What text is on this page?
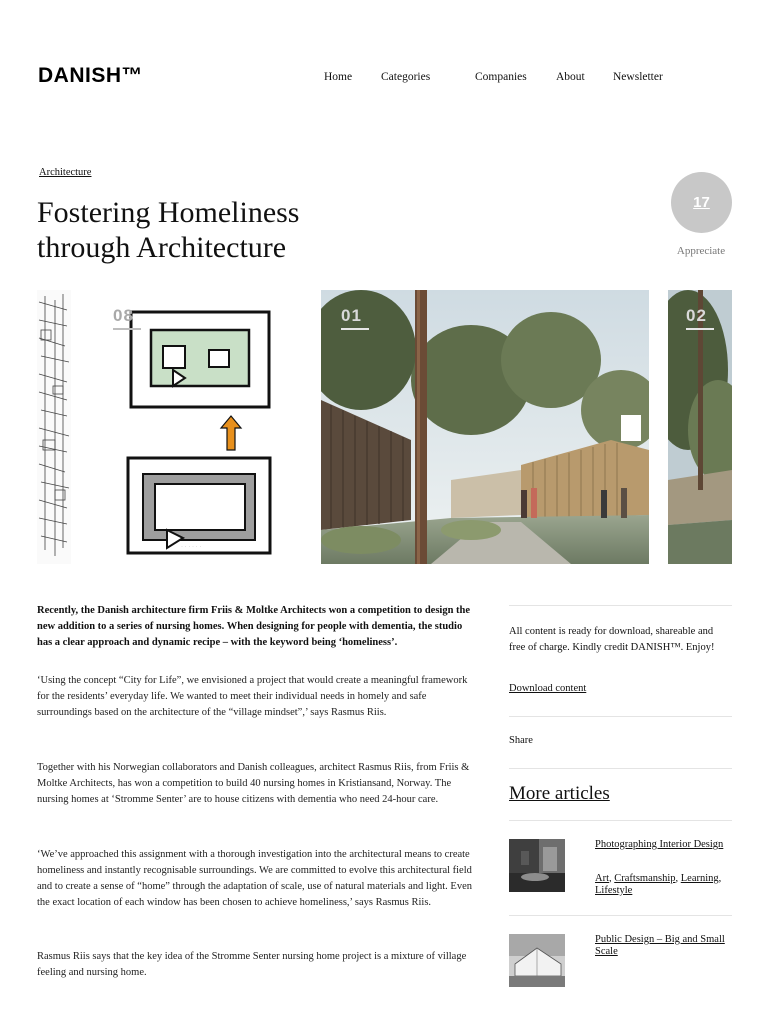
DANISH™	Home	Categories	Companies	About Newsletter
Architecture
Fostering Homeliness
through Architecture
17
Appreciate
· · · · · ·
08	01	02

Recently, the Danish architecture firm Friis & Moltke Architects won a competition to design the new addition to a series of nursing homes. When designing for people with dementia, the studio has a clear approach and dynamic recipe – with the keyword being ‘homeliness’.

‘Using the concept “City for Life”, we envisioned a project that would create a meaningful framework for the residents’ everyday life. We wanted to meet their individual needs in homely and safe surroundings based on the architecture of the “village mindset”,’ says Rasmus Riis.

Together with his Norwegian collaborators and Danish colleagues, architect Rasmus Riis, from Friis & Moltke Architects, has won a competition to build 40 nursing homes in Kristiansand, Norway. The nursing homes at ‘Stromme Senter’ are to house citizens with dementia who need 24-hour care.

‘We’ve approached this assignment with a thorough investigation into the architectural means to create homeliness and instantly recognisable surroundings. We are committed to evolve this architectural field and to create a sense of “home” through the adaptation of scale, use of natural materials and light. Even the exact location of each window has been chosen to achieve homeliness,’ says Rasmus Riis.

Rasmus Riis says that the key idea of the Stromme Senter nursing home project is a mixture of village feeling and nursing home.

All content is ready for download, shareable and free of charge. Kindly credit DANISH™. Enjoy!

Download content
Share
More articles
Photographing Interior Design
Art, Craftsmanship, Learning, Lifestyle
Public Design – Big and Small Scale
